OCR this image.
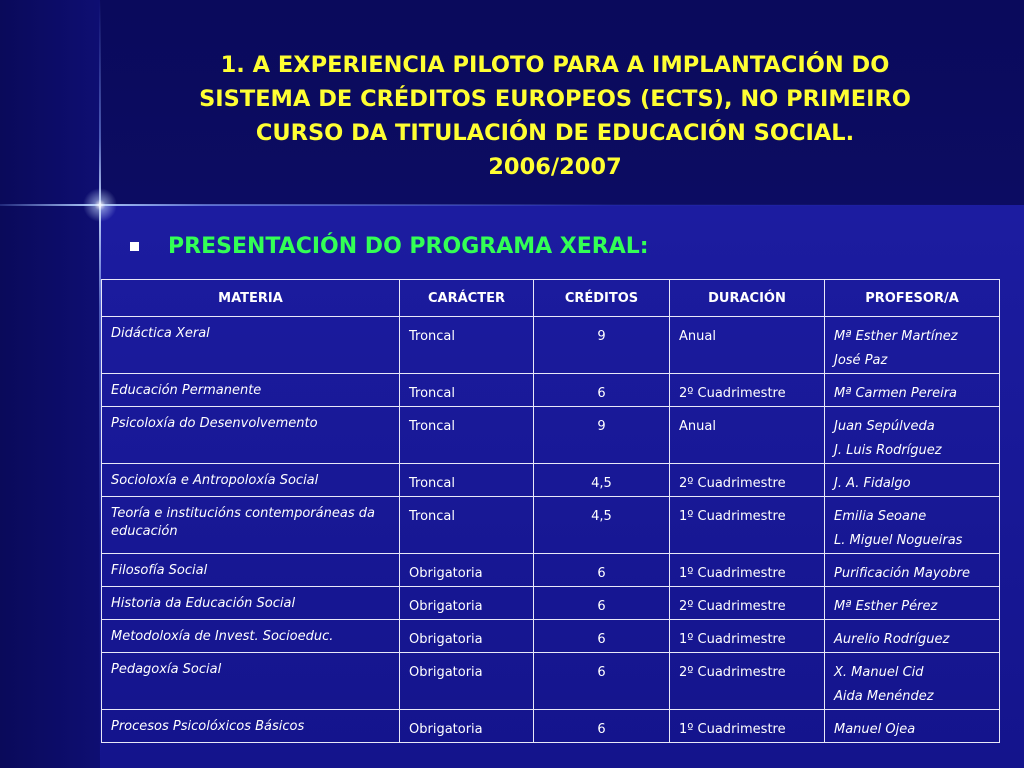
1. A EXPERIENCIA PILOTO PARA A IMPLANTACIÓN DO
SISTEMA DE CRÉDITOS EUROPEOS (ECTS), NO PRIMEIRO
CURSO DA TITULACIÓN DE EDUCACIÓN SOCIAL.
2006/2007
PRESENTACIÓN DO PROGRAMA XERAL:
MATERIA	CARÁCTER	CRÉDITOS	DURACIÓN	PROFESOR/A
Didáctica Xeral	Troncal	9	Anual	Mª Esther Martínez
José Paz

Educación Permanente	Troncal	6	2º Cuadrimestre	Mª Carmen Pereira

Psicoloxía do Desenvolvemento	Troncal	9	Anual	Juan Sepúlveda
J. Luis Rodríguez

Socioloxía e Antropoloxía Social	Troncal	4,5	2º Cuadrimestre	J. A. Fidalgo

Teoría e institucións contemporáneas da educación	Troncal	4,5	1º Cuadrimestre	Emilia Seoane
L. Miguel Nogueiras

Filosofía Social	Obrigatoria	6	1º Cuadrimestre	Purificación Mayobre

Historia da Educación Social	Obrigatoria	6	2º Cuadrimestre	Mª Esther Pérez

Metodoloxía de Invest. Socioeduc.	Obrigatoria	6	1º Cuadrimestre	Aurelio Rodríguez

Pedagoxía Social	Obrigatoria	6	2º Cuadrimestre	X. Manuel Cid
Aida Menéndez

Procesos Psicolóxicos Básicos	Obrigatoria	6	1º Cuadrimestre	Manuel Ojea
